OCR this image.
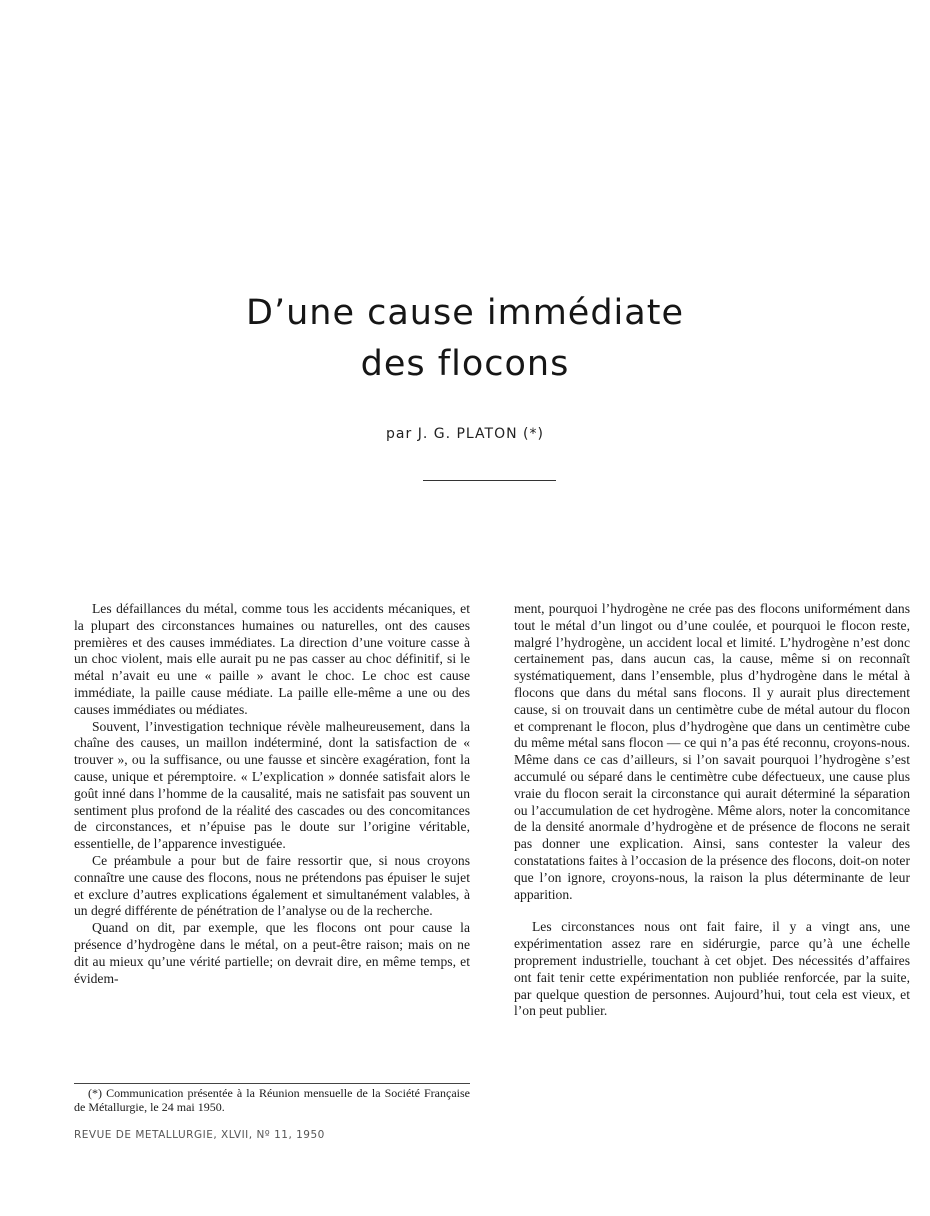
D’une cause immédiate
des flocons
par J. G. PLATON (*)

Les défaillances du métal, comme tous les accidents mécaniques, et la plupart des circonstances humaines ou naturelles, ont des causes premières et des causes immédiates. La direction d’une voiture casse à un choc violent, mais elle aurait pu ne pas casser au choc définitif, si le métal n’avait eu une « paille » avant le choc. Le choc est cause immédiate, la paille cause médiate. La paille elle-même a une ou des causes immédiates ou médiates.

Souvent, l’investigation technique révèle malheureusement, dans la chaîne des causes, un maillon indéterminé, dont la satisfaction de « trouver », ou la suffisance, ou une fausse et sincère exagération, font la cause, unique et péremptoire. « L’explication » donnée satisfait alors le goût inné dans l’homme de la causalité, mais ne satisfait pas souvent un sentiment plus profond de la réalité des cascades ou des concomitances de circonstances, et n’épuise pas le doute sur l’origine véritable, essentielle, de l’apparence investiguée.

Ce préambule a pour but de faire ressortir que, si nous croyons connaître une cause des flocons, nous ne prétendons pas épuiser le sujet et exclure d’autres explications également et simultanément valables, à un degré différente de pénétration de l’analyse ou de la recherche.

Quand on dit, par exemple, que les flocons ont pour cause la présence d’hydrogène dans le métal, on a peut-être raison; mais on ne dit au mieux qu’une vérité partielle; on devrait dire, en même temps, et évidem-

(*) Communication présentée à la Réunion mensuelle de la Société Française de Métallurgie, le 24 mai 1950.

ment, pourquoi l’hydrogène ne crée pas des flocons uniformément dans tout le métal d’un lingot ou d’une coulée, et pourquoi le flocon reste, malgré l’hydrogène, un accident local et limité. L’hydrogène n’est donc certainement pas, dans aucun cas, la cause, même si on reconnaît systématiquement, dans l’ensemble, plus d’hydrogène dans le métal à flocons que dans du métal sans flocons. Il y aurait plus directement cause, si on trouvait dans un centimètre cube de métal autour du flocon et comprenant le flocon, plus d’hydrogène que dans un centimètre cube du même métal sans flocon — ce qui n’a pas été reconnu, croyons-nous. Même dans ce cas d’ailleurs, si l’on savait pourquoi l’hydrogène s’est accumulé ou séparé dans le centimètre cube défectueux, une cause plus vraie du flocon serait la circonstance qui aurait déterminé la séparation ou l’accumulation de cet hydrogène. Même alors, noter la concomitance de la densité anormale d’hydrogène et de présence de flocons ne serait pas donner une explication. Ainsi, sans contester la valeur des constatations faites à l’occasion de la présence des flocons, doit-on noter que l’on ignore, croyons-nous, la raison la plus déterminante de leur apparition.

Les circonstances nous ont fait faire, il y a vingt ans, une expérimentation assez rare en sidérurgie, parce qu’à une échelle proprement industrielle, touchant à cet objet. Des nécessités d’affaires ont fait tenir cette expérimentation non publiée renforcée, par la suite, par quelque question de personnes. Aujourd’hui, tout cela est vieux, et l’on peut publier.

REVUE DE METALLURGIE, XLVII, Nº 11, 1950
